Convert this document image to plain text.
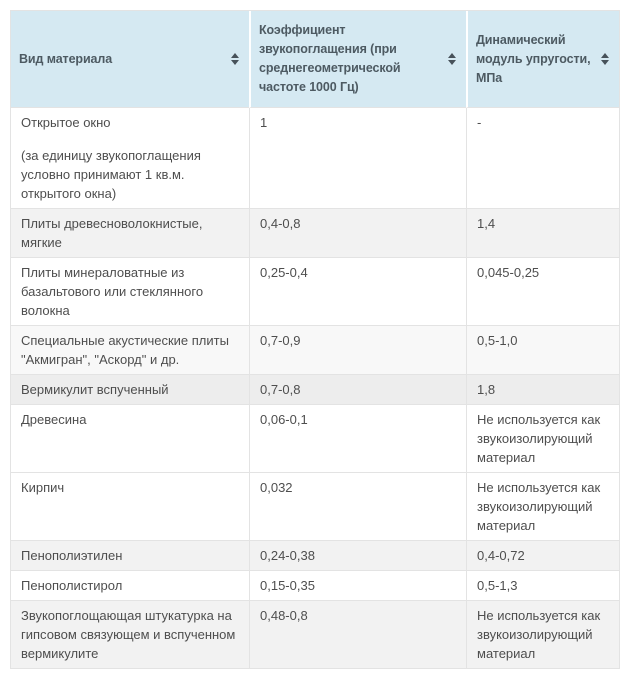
Вид материала	Коэффициент звукопоглащения (при среднегеометрической частоте 1000 Гц)	Динамический модуль упругости, МПа

Открытое окно
(за единицу звукопоглащения условно принимают 1 кв.м. открытого окна)	1	-

Плиты древесноволокнистые, мягкие	0,4-0,8	1,4

Плиты минераловатные из базальтового или стеклянного волокна	0,25-0,4	0,045-0,25

Специальные акустические плиты "Акмигран", "Аскорд" и др.	0,7-0,9	0,5-1,0

Вермикулит вспученный	0,7-0,8	1,8

Древесина	0,06-0,1	Не используется как звукоизолирующий материал

Кирпич	0,032	Не используется как звукоизолирующий материал

Пенополиэтилен	0,24-0,38	0,4-0,72

Пенополистирол	0,15-0,35	0,5-1,3

Звукопоглощающая штукатурка на гипсовом связующем и вспученном вермикулите	0,48-0,8	Не используется как звукоизолирующий материал
